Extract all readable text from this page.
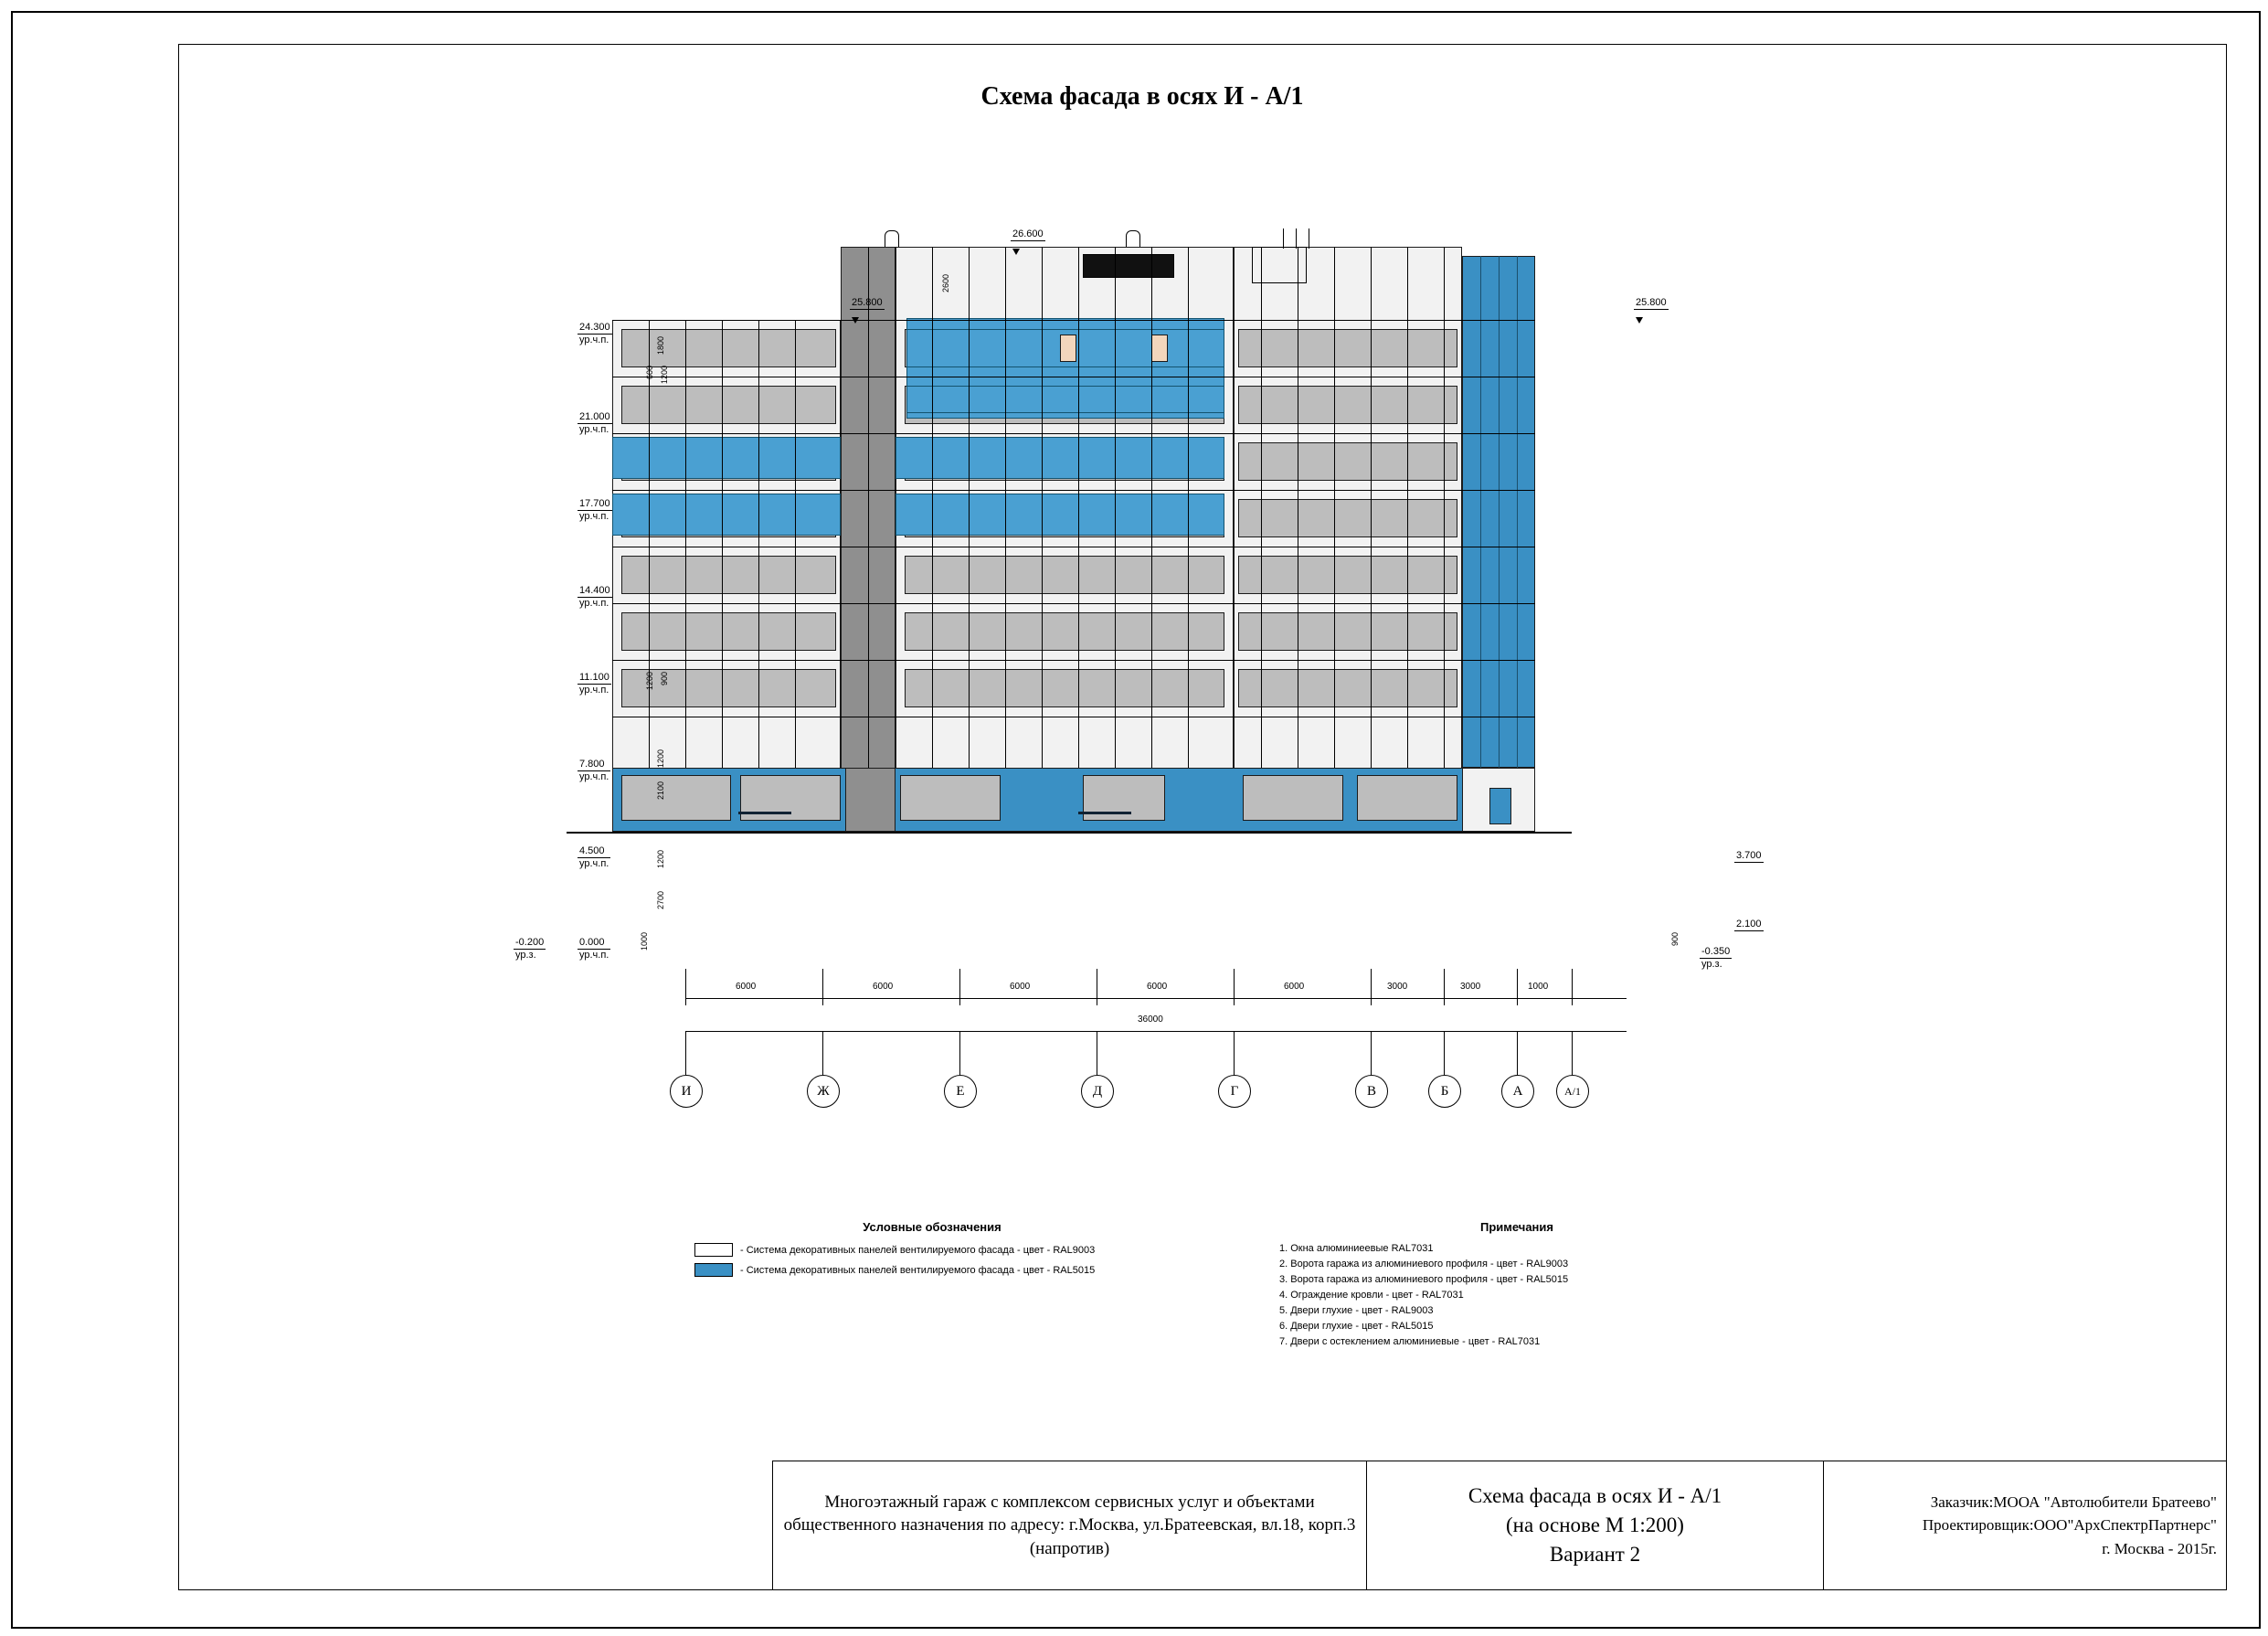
Схема фасада в осях И - А/1
24.300
ур.ч.п.
21.000
ур.ч.п.
17.700
ур.ч.п.
14.400
ур.ч.п.
11.100
ур.ч.п.
7.800
ур.ч.п.
4.500
ур.ч.п.
0.000
ур.ч.п.
-0.200
ур.з.
26.600
25.800	25.800
3.700
2.100
-0.350
ур.з.
2600
1800
600 1200
1200 900
1200
2100
1200
2700
1000	900
6000	6000	6000	6000	6000	3000	3000	1000
36000
И	Ж	Е	Д	Г	В	Б	А	А/1
Условные обозначения
- Система декоративных панелей вентилируемого фасада - цвет - RAL9003
- Система декоративных панелей вентилируемого фасада - цвет - RAL5015
Примечания
1. Окна алюминиеевые RAL7031
2. Ворота гаража из алюминиевого профиля - цвет - RAL9003
3. Ворота гаража из алюминиевого профиля - цвет - RAL5015
4. Ограждение кровли - цвет - RAL7031
5. Двери глухие - цвет - RAL9003
6. Двери глухие - цвет - RAL5015
7. Двери с остеклением алюминиевые - цвет - RAL7031
Многоэтажный гараж с комплексом сервисных услуг и объектами общественного назначения по адресу: г.Москва, ул.Братеевская, вл.18, корп.3 (напротив)
Схема фасада в осях И - А/1
(на основе М 1:200)
Вариант 2
Заказчик:МООА "Автолюбители Братеево"
Проектировщик:ООО"АрхСпектрПартнерс"
г. Москва - 2015г.
